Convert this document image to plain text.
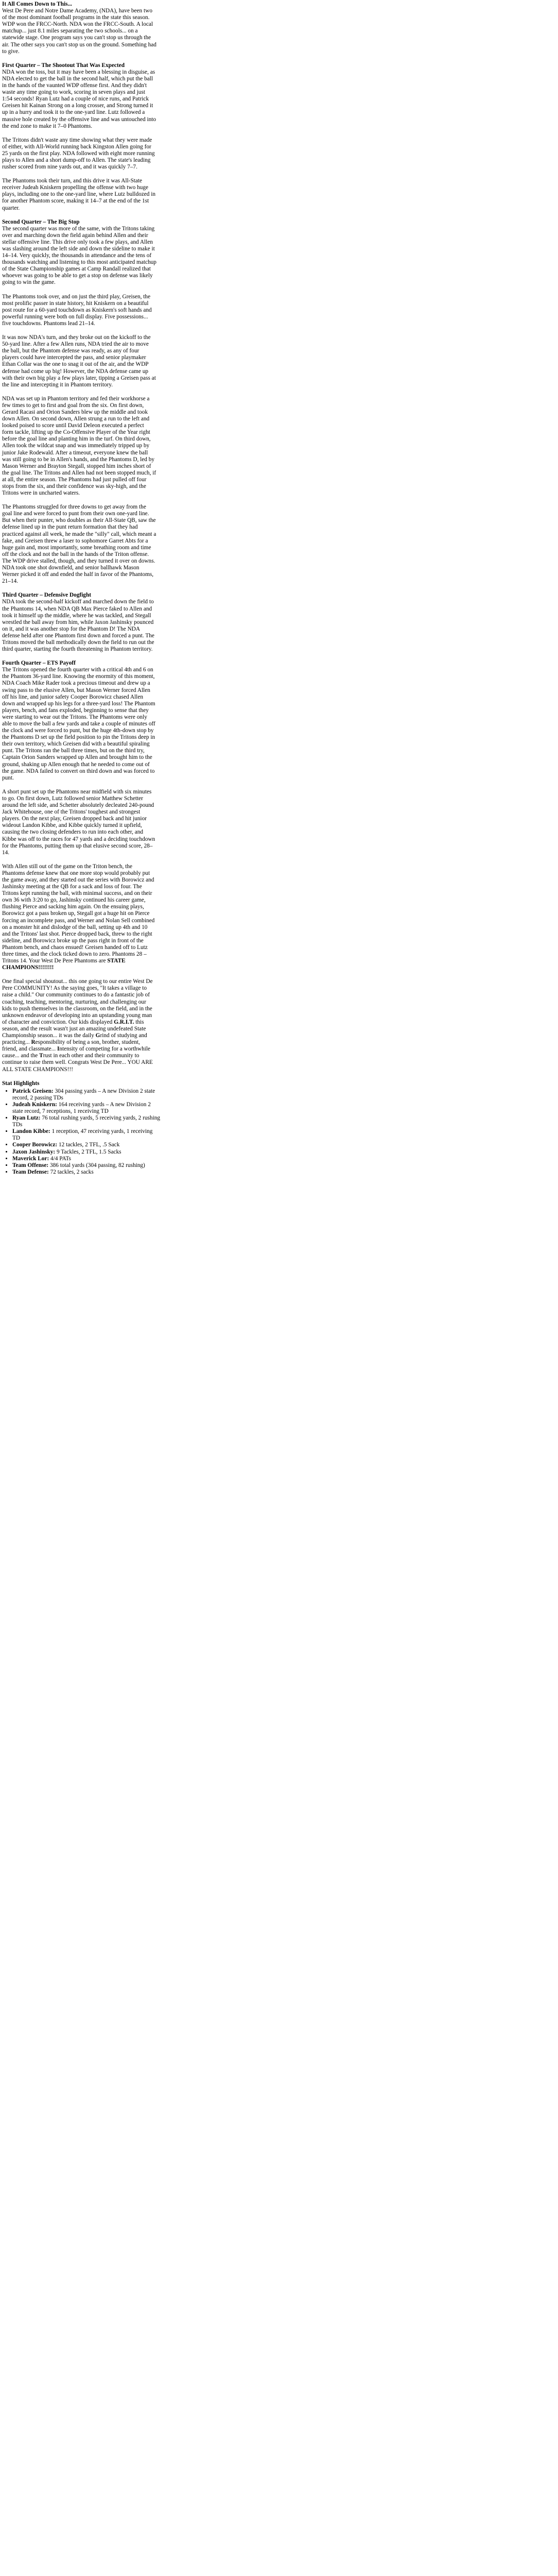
It All Comes Down to This...

West De Pere and Notre Dame Academy, (NDA), have been two of the most dominant football programs in the state this season. WDP won the FRCC-North. NDA won the FRCC-South. A local matchup... just 8.1 miles separating the two schools... on a statewide stage. One program says you can't stop us through the air. The other says you can't stop us on the ground. Something had to give.

First Quarter – The Shootout That Was Expected

NDA won the toss, but it may have been a blessing in disguise, as NDA elected to get the ball in the second half, which put the ball in the hands of the vaunted WDP offense first. And they didn't waste any time going to work, scoring in seven plays and just 1:54 seconds! Ryan Lutz had a couple of nice runs, and Patrick Greisen hit Kainan Strong on a long crosser, and Strong turned it up in a hurry and took it to the one-yard line. Lutz followed a massive hole created by the offensive line and was untouched into the end zone to make it 7–0 Phantoms.

The Tritons didn't waste any time showing what they were made of either, with All-World running back Kingston Allen going for 25 yards on the first play. NDA followed with eight more running plays to Allen and a short dump-off to Allen. The state's leading rusher scored from nine yards out, and it was quickly 7–7.

The Phantoms took their turn, and this drive it was All-State receiver Judeah Kniskern propelling the offense with two huge plays, including one to the one-yard line, where Lutz bulldozed in for another Phantom score, making it 14–7 at the end of the 1st quarter.

Second Quarter – The Big Stop

The second quarter was more of the same, with the Tritons taking over and marching down the field again behind Allen and their stellar offensive line. This drive only took a few plays, and Allen was slashing around the left side and down the sideline to make it 14–14. Very quickly, the thousands in attendance and the tens of thousands watching and listening to this most anticipated matchup of the State Championship games at Camp Randall realized that whoever was going to be able to get a stop on defense was likely going to win the game.

The Phantoms took over, and on just the third play, Greisen, the most prolific passer in state history, hit Kniskern on a beautiful post route for a 60-yard touchdown as Kniskern's soft hands and powerful running were both on full display. Five possessions... five touchdowns. Phantoms lead 21–14.

It was now NDA's turn, and they broke out on the kickoff to the 50-yard line. After a few Allen runs, NDA tried the air to move the ball, but the Phantom defense was ready, as any of four players could have intercepted the pass, and senior playmaker Ethan Collar was the one to snag it out of the air, and the WDP defense had come up big! However, the NDA defense came up with their own big play a few plays later, tipping a Greisen pass at the line and intercepting it in Phantom territory.

NDA was set up in Phantom territory and fed their workhorse a few times to get to first and goal from the six. On first down, Gerard Racasi and Orion Sanders blew up the middle and took down Allen. On second down, Allen strung a run to the left and looked poised to score until David Deleon executed a perfect form tackle, lifting up the Co-Offensive Player of the Year right before the goal line and planting him in the turf. On third down, Allen took the wildcat snap and was immediately tripped up by junior Jake Rodewald. After a timeout, everyone knew the ball was still going to be in Allen's hands, and the Phantoms D, led by Mason Werner and Brayton Stegall, stopped him inches short of the goal line. The Tritons and Allen had not been stopped much, if at all, the entire season. The Phantoms had just pulled off four stops from the six, and their confidence was sky-high, and the Tritons were in uncharted waters.

The Phantoms struggled for three downs to get away from the goal line and were forced to punt from their own one-yard line. But when their punter, who doubles as their All-State QB, saw the defense lined up in the punt return formation that they had practiced against all week, he made the "silly" call, which meant a fake, and Greisen threw a laser to sophomore Garret Abts for a huge gain and, most importantly, some breathing room and time off the clock and not the ball in the hands of the Triton offense. The WDP drive stalled, though, and they turned it over on downs. NDA took one shot downfield, and senior ballhawk Mason Werner picked it off and ended the half in favor of the Phantoms, 21–14.

Third Quarter – Defensive Dogfight

NDA took the second-half kickoff and marched down the field to the Phantoms 14, when NDA QB Max Pierce faked to Allen and took it himself up the middle, where he was tackled, and Stegall wrestled the ball away from him, while Jaxon Jashinsky pounced on it, and it was another stop for the Phantom D! The NDA defense held after one Phantom first down and forced a punt. The Tritons moved the ball methodically down the field to run out the third quarter, starting the fourth threatening in Phantom territory.

Fourth Quarter – ETS Payoff

The Tritons opened the fourth quarter with a critical 4th and 6 on the Phantom 36-yard line. Knowing the enormity of this moment, NDA Coach Mike Rader took a precious timeout and drew up a swing pass to the elusive Allen, but Mason Werner forced Allen off his line, and junior safety Cooper Borowicz chased Allen down and wrapped up his legs for a three-yard loss! The Phantom players, bench, and fans exploded, beginning to sense that they were starting to wear out the Tritons. The Phantoms were only able to move the ball a few yards and take a couple of minutes off the clock and were forced to punt, but the huge 4th-down stop by the Phantoms D set up the field position to pin the Tritons deep in their own territory, which Greisen did with a beautiful spiraling punt. The Tritons ran the ball three times, but on the third try, Captain Orion Sanders wrapped up Allen and brought him to the ground, shaking up Allen enough that he needed to come out of the game. NDA failed to convert on third down and was forced to punt.

A short punt set up the Phantoms near midfield with six minutes to go. On first down, Lutz followed senior Matthew Schetter around the left side, and Schetter absolutely decleated 240-pound Jack Whitehouse, one of the Tritons' toughest and strongest players. On the next play, Greisen dropped back and hit junior wideout Landon Kibbe, and Kibbe quickly turned it upfield, causing the two closing defenders to run into each other, and Kibbe was off to the races for 47 yards and a deciding touchdown for the Phantoms, putting them up that elusive second score, 28–14.

With Allen still out of the game on the Triton bench, the Phantoms defense knew that one more stop would probably put the game away, and they started out the series with Borowicz and Jashinsky meeting at the QB for a sack and loss of four. The Tritons kept running the ball, with minimal success, and on their own 36 with 3:20 to go, Jashinsky continued his career game, flushing Pierce and sacking him again. On the ensuing plays, Borowicz got a pass broken up, Stegall got a huge hit on Pierce forcing an incomplete pass, and Werner and Nolan Sell combined on a monster hit and dislodge of the ball, setting up 4th and 10 and the Tritons' last shot. Pierce dropped back, threw to the right sideline, and Borowicz broke up the pass right in front of the Phantom bench, and chaos ensued! Greisen handed off to Lutz three times, and the clock ticked down to zero. Phantoms 28 – Tritons 14. Your West De Pere Phantoms are STATE CHAMPIONS!!!!!!!!

One final special shoutout... this one going to our entire West De Pere COMMUNITY! As the saying goes, "It takes a village to raise a child." Our community continues to do a fantastic job of coaching, teaching, mentoring, nurturing, and challenging our kids to push themselves in the classroom, on the field, and in the unknown endeavor of developing into an upstanding young man of character and conviction. Our kids displayed G.R.I.T. this season, and the result wasn't just an amazing undefeated State Championship season... it was the daily Grind of studying and practicing... Responsibility of being a son, brother, student, friend, and classmate... Intensity of competing for a worthwhile cause... and the Trust in each other and their community to continue to raise them well. Congrats West De Pere... YOU ARE ALL STATE CHAMPIONS!!!

Stat Highlights
• Patrick Greisen: 304 passing yards – A new Division 2 state record, 2 passing TDs
• Judeah Kniskern: 164 receiving yards – A new Division 2 state record, 7 receptions, 1 receiving TD
• Ryan Lutz: 76 total rushing yards, 5 receiving yards, 2 rushing TDs
• Landon Kibbe: 1 reception, 47 receiving yards, 1 receiving TD
• Cooper Borowicz: 12 tackles, 2 TFL, .5 Sack
• Jaxon Jashinsky: 9 Tackles, 2 TFL, 1.5 Sacks
• Maverick Lor: 4/4 PATs
• Team Offense: 386 total yards (304 passing, 82 rushing)
• Team Defense: 72 tackles, 2 sacks
